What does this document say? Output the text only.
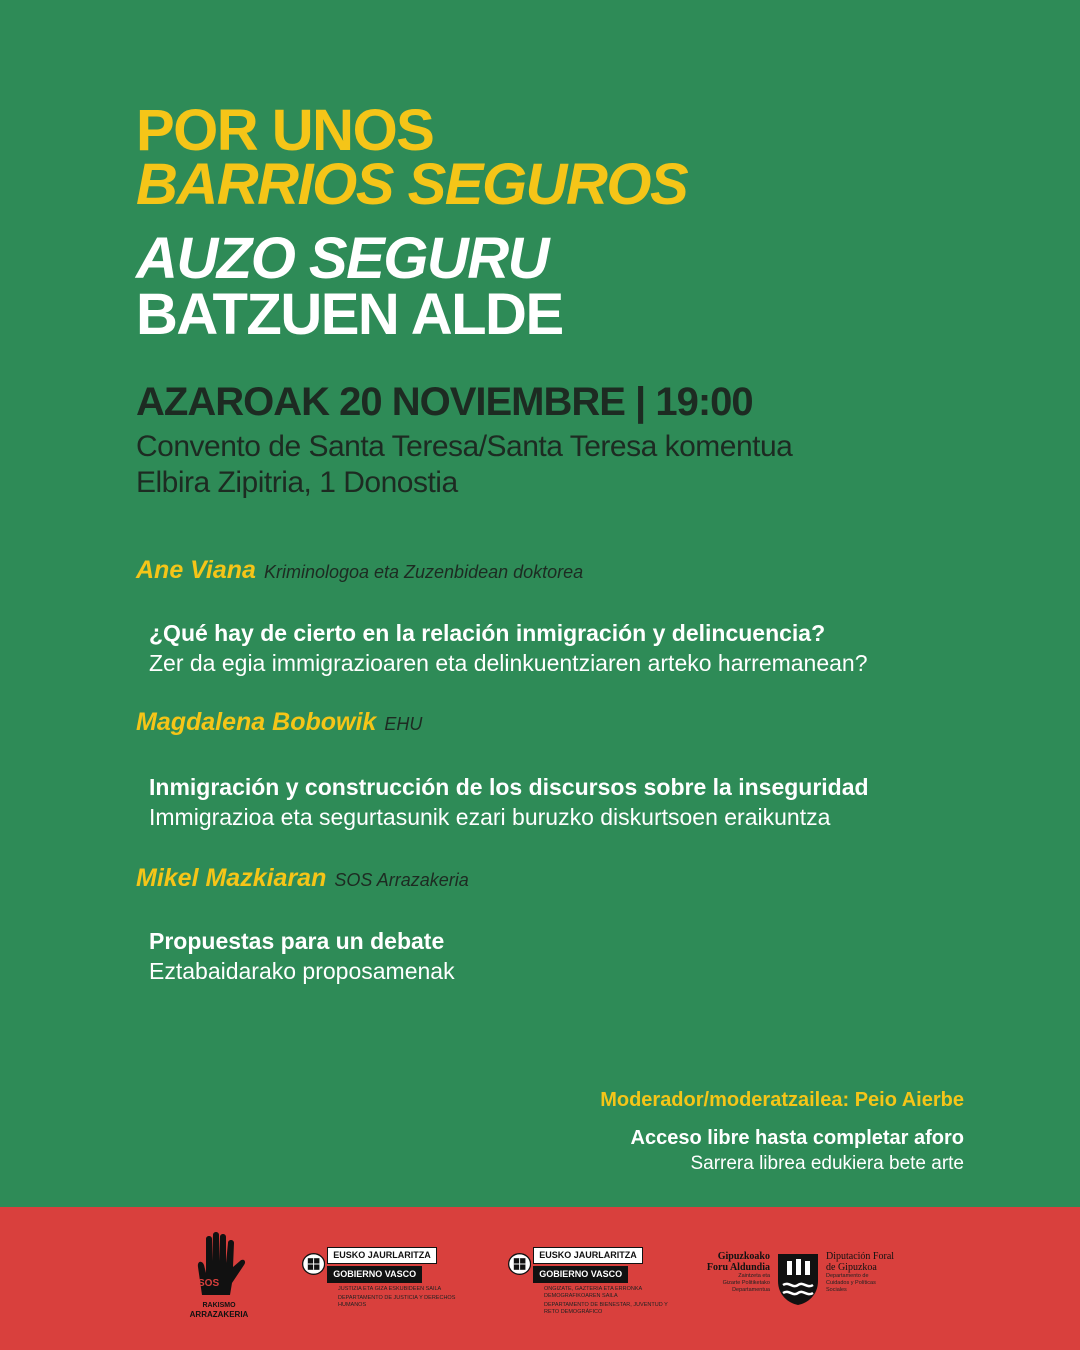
POR UNOS
BARRIOS SEGUROS
AUZO SEGURU
BATZUEN ALDE
AZAROAK 20 NOVIEMBRE | 19:00
Convento de Santa Teresa/Santa Teresa komentua
Elbira Zipitria, 1 Donostia
Ane Viana Kriminologoa eta Zuzenbidean doktorea
¿Qué hay de cierto en la relación inmigración y delincuencia?
Zer da egia immigrazioaren eta delinkuentziaren arteko harremanean?
Magdalena Bobowik EHU
Inmigración y construcción de los discursos sobre la inseguridad
Immigrazioa eta segurtasunik ezari buruzko diskurtsoen eraikuntza
Mikel Mazkiaran SOS Arrazakeria
Propuestas para un debate
Eztabaidarako proposamenak
Moderador/moderatzailea: Peio Aierbe
Acceso libre hasta completar aforo
Sarrera librea edukiera bete arte
SOS
RAKISMO
ARRAZAKERIA
EUSKO JAURLARITZA GOBIERNO VASCO
JUSTIZIA ETA GIZA ESKUBIDEEN SAILA
DEPARTAMENTO DE JUSTICIA Y DERECHOS HUMANOS
EUSKO JAURLARITZA GOBIERNO VASCO
ONGIZATE, GAZTERIA ETA ERRONKA DEMOGRAFIKOAREN SAILA
DEPARTAMENTO DE BIENESTAR, JUVENTUD Y RETO DEMOGRÁFICO
Gipuzkoako
Foru Aldundia
Zaintzeta eta
Gizarte Politiketako
Departamentua
Diputación Foral
de Gipuzkoa
Departamento de
Cuidados y Políticas
Sociales
